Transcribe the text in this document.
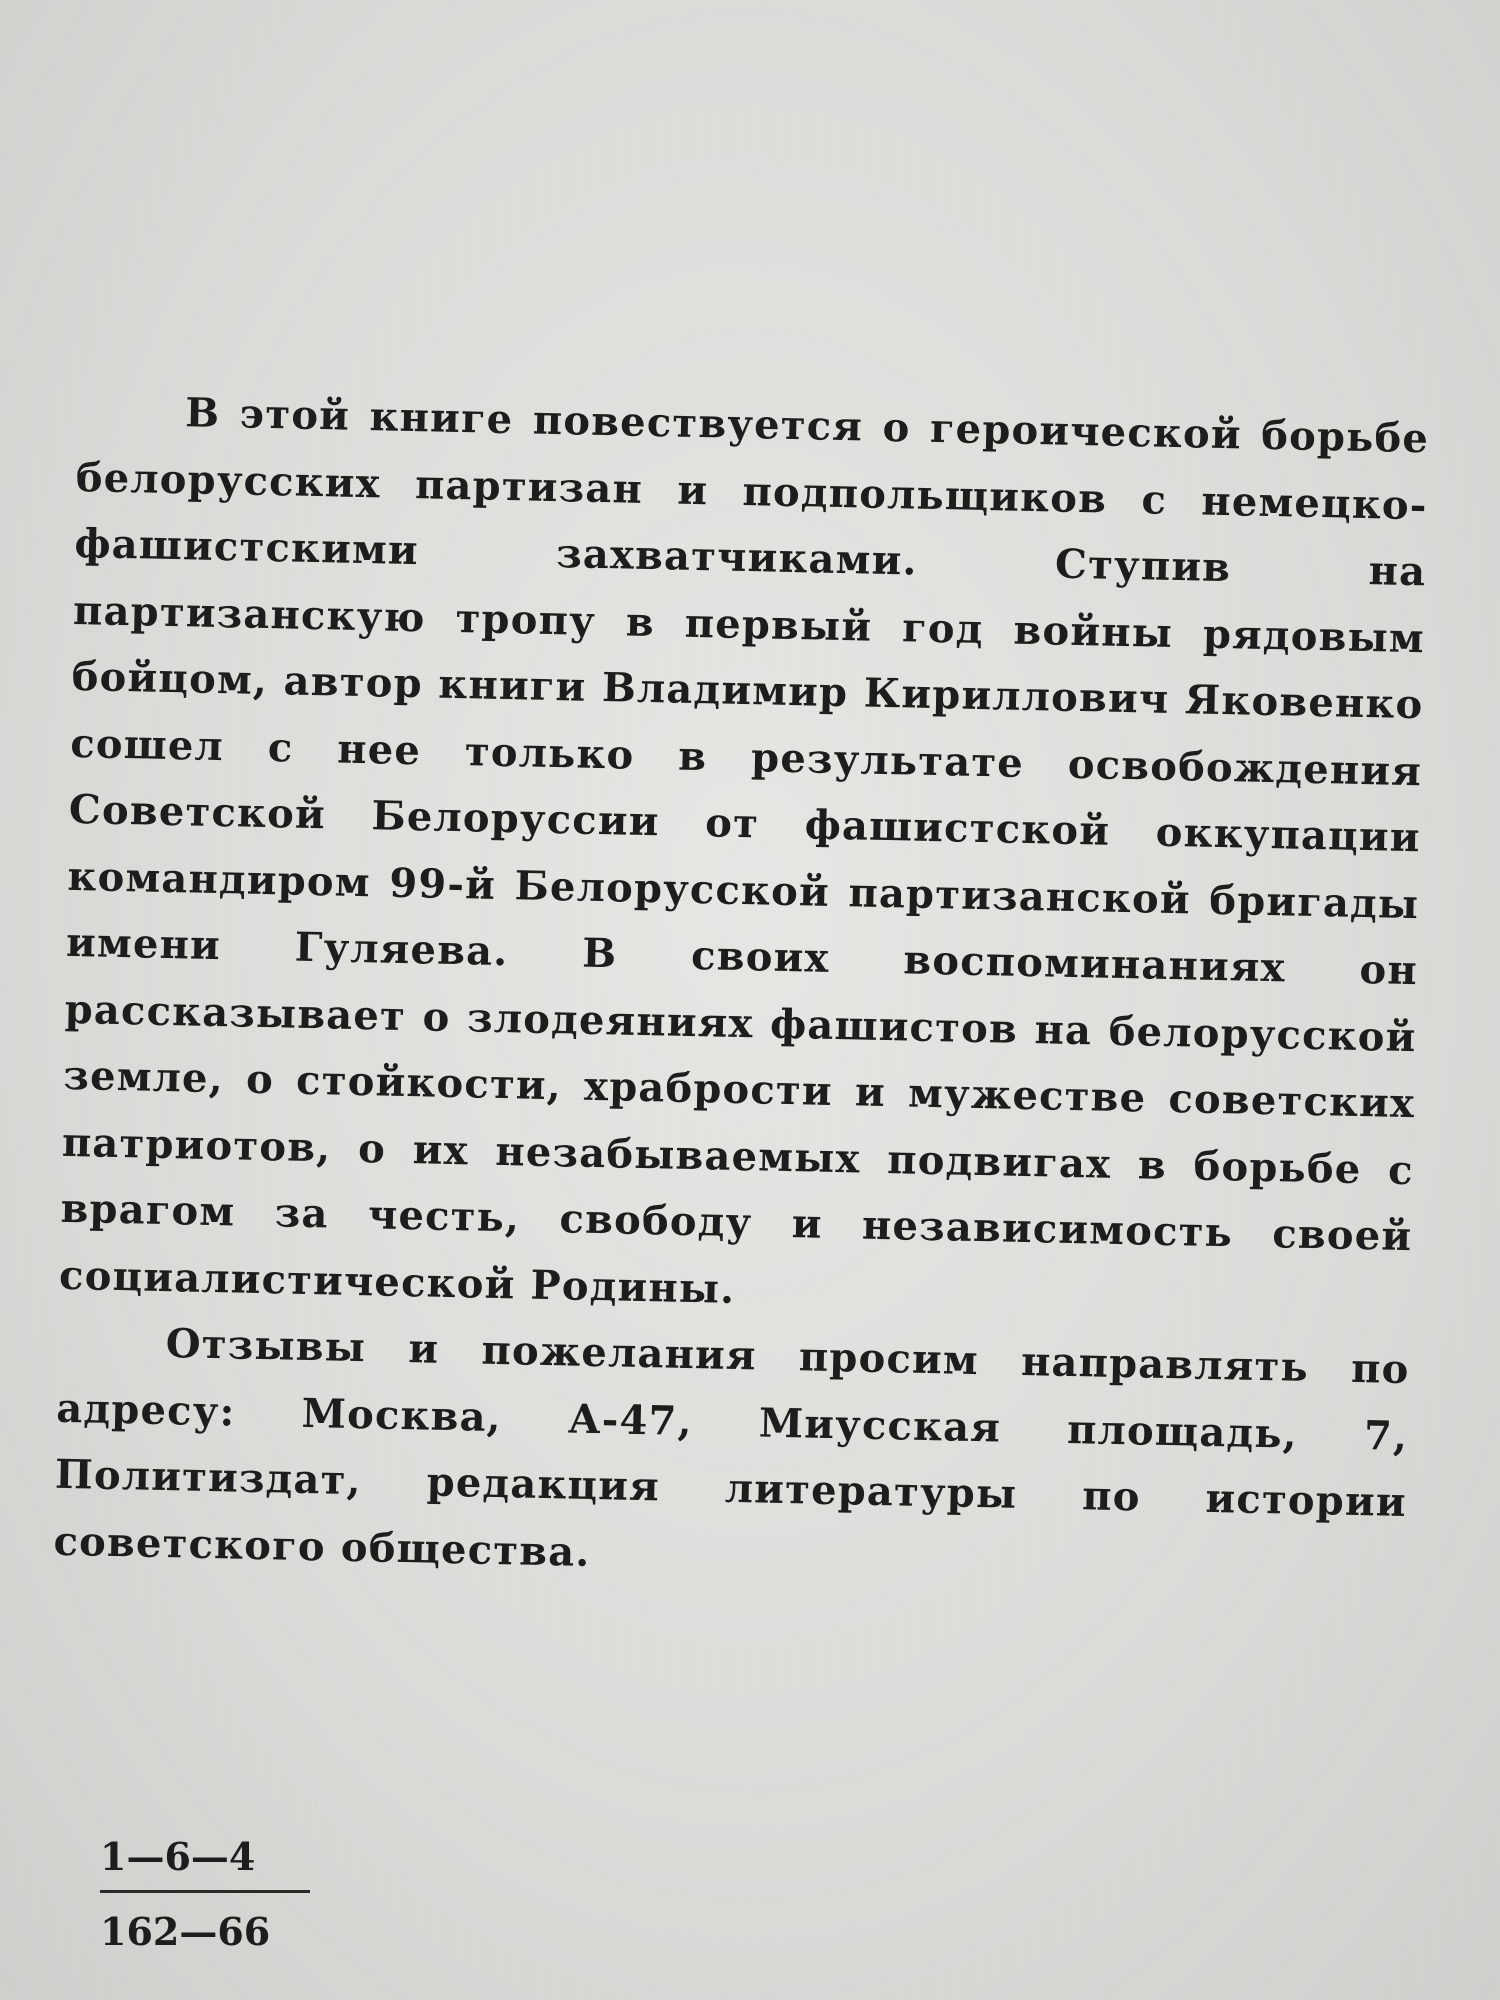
В этой книге повествуется о героической борьбе белорусских партизан и подпольщиков с немецко-фашистскими захватчиками. Ступив на партизанскую тропу в первый год войны рядовым бойцом, автор книги Владимир Кириллович Яковенко сошел с нее только в результате освобождения Советской Белоруссии от фашистской оккупации командиром 99-й Белорусской партизанской бригады имени Гуляева. В своих воспоминаниях он рассказывает о злодеяниях фашистов на белорусской земле, о стойкости, храбрости и мужестве советских патриотов, о их незабываемых подвигах в борьбе с врагом за честь, свободу и независимость своей социалистической Родины.

Отзывы и пожелания просим направлять по адресу: Москва, А-47, Миусская площадь, 7, Политиздат, редакция литературы по истории советского общества.

1—6—4
162—66
